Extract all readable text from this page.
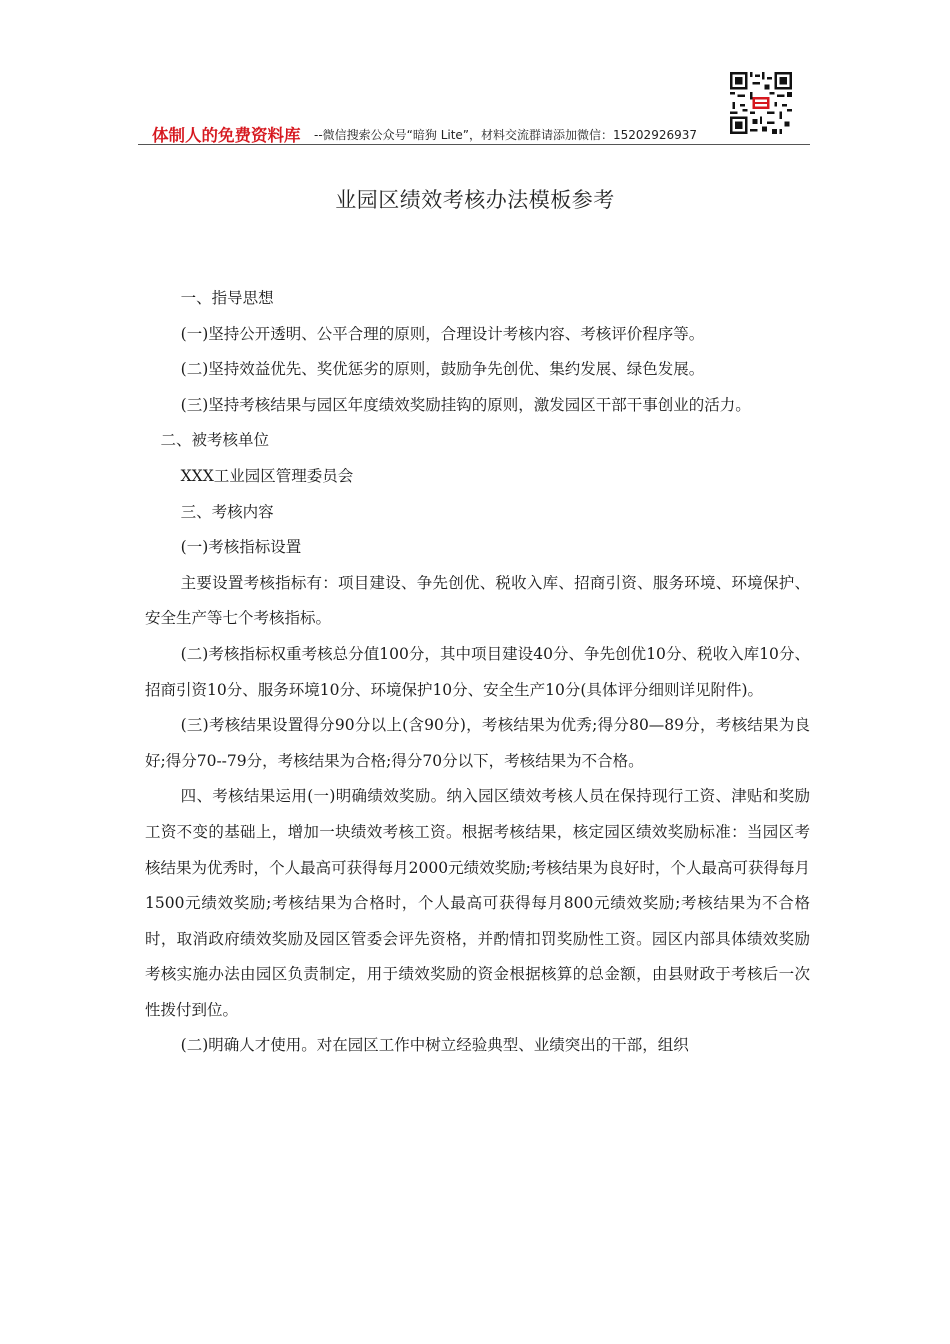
体制人的免费资料库 --微信搜索公众号“暗狗 Lite”，材料交流群请添加微信：15202926937
业园区绩效考核办法模板参考

一、指导思想

(一)坚持公开透明、公平合理的原则，合理设计考核内容、考核评价程序等。

(二)坚持效益优先、奖优惩劣的原则，鼓励争先创优、集约发展、绿色发展。

(三)坚持考核结果与园区年度绩效奖励挂钩的原则，激发园区干部干事创业的活力。

二、被考核单位

XXX工业园区管理委员会

三、考核内容

(一)考核指标设置

主要设置考核指标有：项目建设、争先创优、税收入库、招商引资、服务环境、环境保护、安全生产等七个考核指标。

(二)考核指标权重考核总分值100分，其中项目建设40分、争先创优10分、税收入库10分、招商引资10分、服务环境10分、环境保护10分、安全生产10分(具体评分细则详见附件)。

(三)考核结果设置得分90分以上(含90分)，考核结果为优秀;得分80—89分，考核结果为良好;得分70--79分，考核结果为合格;得分70分以下，考核结果为不合格。

四、考核结果运用(一)明确绩效奖励。纳入园区绩效考核人员在保持现行工资、津贴和奖励工资不变的基础上，增加一块绩效考核工资。根据考核结果，核定园区绩效奖励标准：当园区考核结果为优秀时，个人最高可获得每月2000元绩效奖励;考核结果为良好时，个人最高可获得每月1500元绩效奖励;考核结果为合格时，个人最高可获得每月800元绩效奖励;考核结果为不合格时，取消政府绩效奖励及园区管委会评先资格，并酌情扣罚奖励性工资。园区内部具体绩效奖励考核实施办法由园区负责制定，用于绩效奖励的资金根据核算的总金额，由县财政于考核后一次性拨付到位。

(二)明确人才使用。对在园区工作中树立经验典型、业绩突出的干部，组织
